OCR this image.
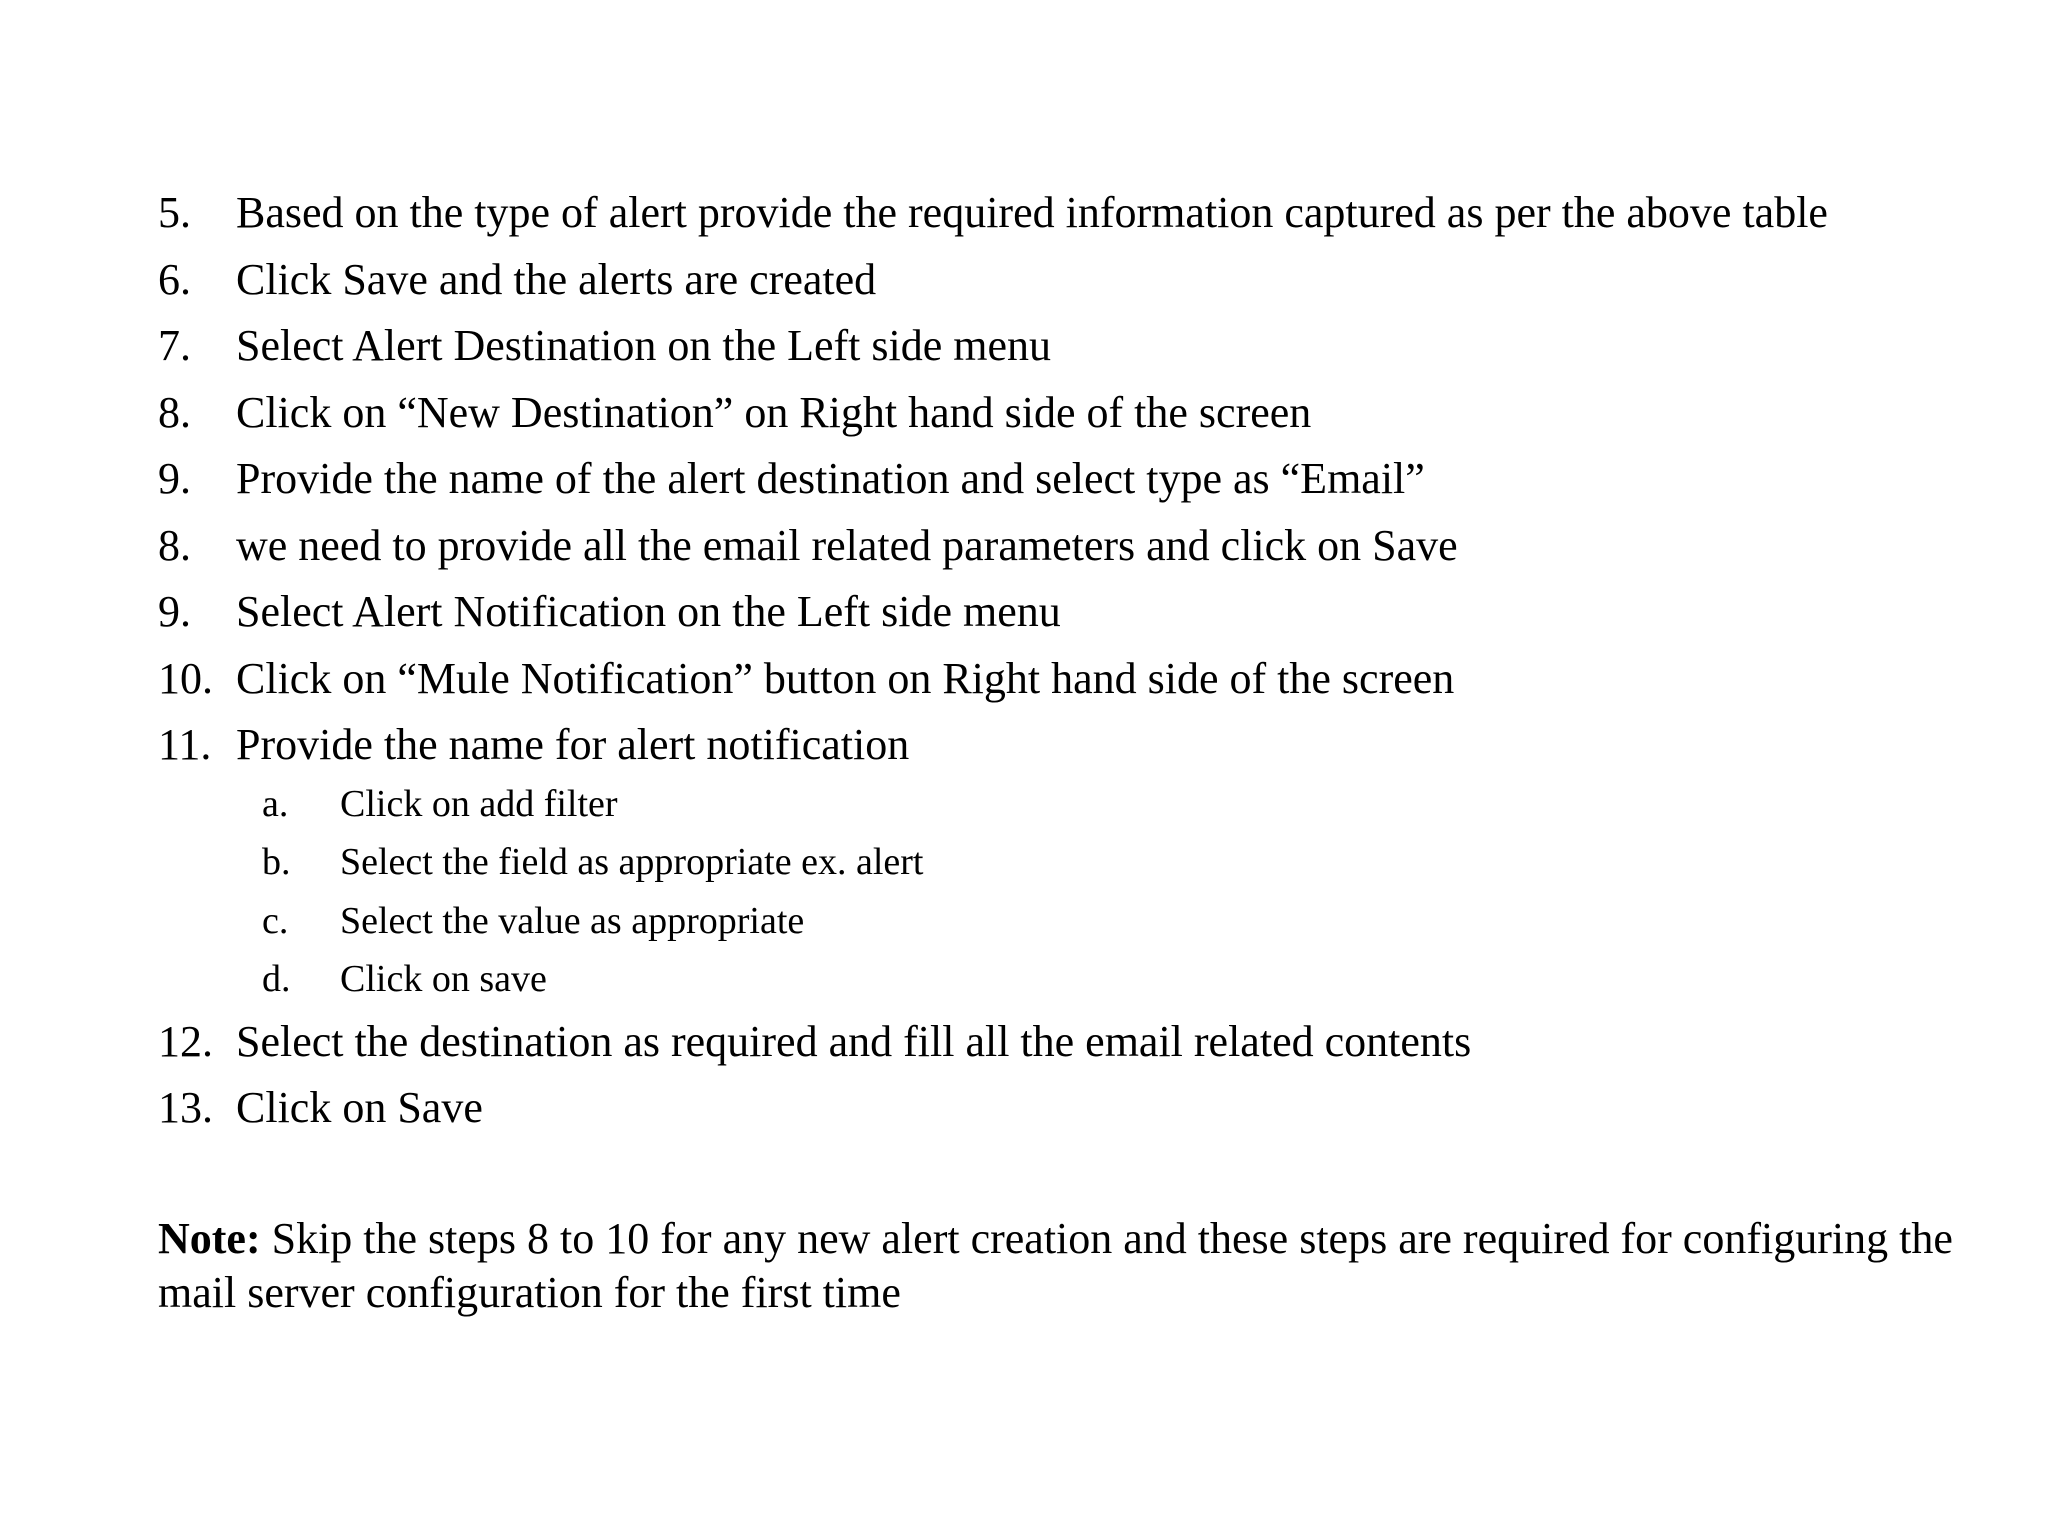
5.	Based on the type of alert provide the required information captured as per the above table
6.	Click Save and the alerts are created
7.	Select Alert Destination on the Left side menu
8.	Click on “New Destination” on Right hand side of the screen
9.	Provide the name of the alert destination and select type as “Email”
8.	we need to provide all the email related parameters and click on Save
9.	Select Alert Notification on the Left side menu
10. Click on “Mule Notification” button on Right hand side of the screen
11. Provide the name for alert notification
a.	Click on add filter
b.	Select the field as appropriate ex. alert
c.	Select the value as appropriate
d.	Click on save
12. Select the destination as required and fill all the email related contents
13. Click on Save

Note: Skip the steps 8 to 10 for any new alert creation and these steps are required for configuring the mail server configuration for the first time
